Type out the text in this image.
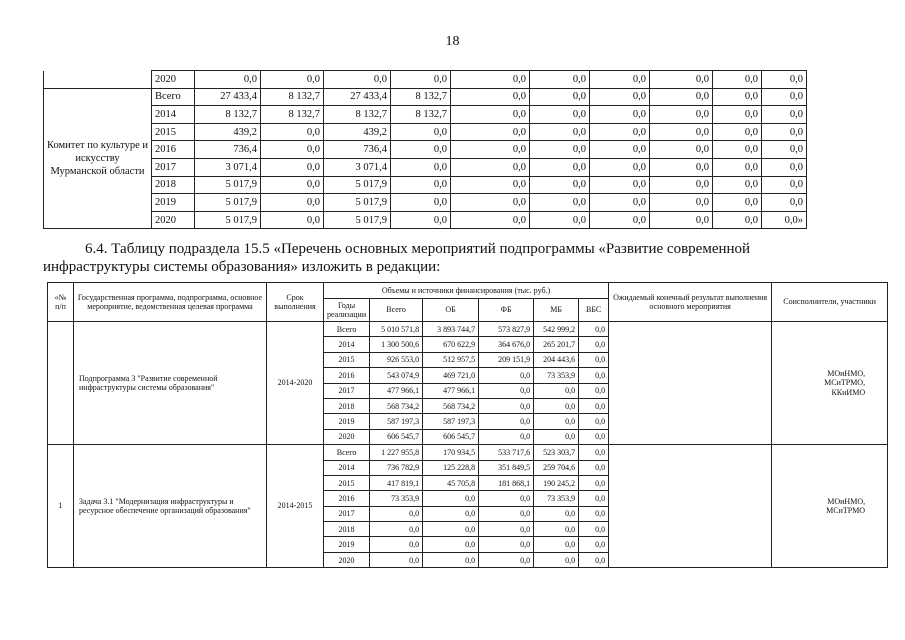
18
	2020	0,0	0,0	0,0	0,0	0,0	0,0	0,0	0,0	0,0	0,0
Комитет по культуре и искусству Мурманской области	Всего	27 433,4	8 132,7	27 433,4	8 132,7	0,0	0,0	0,0	0,0	0,0	0,0
	2014	8 132,7	8 132,7	8 132,7	8 132,7	0,0	0,0	0,0	0,0	0,0	0,0
	2015	439,2	0,0	439,2	0,0	0,0	0,0	0,0	0,0	0,0	0,0
	2016	736,4	0,0	736,4	0,0	0,0	0,0	0,0	0,0	0,0	0,0
	2017	3 071,4	0,0	3 071,4	0,0	0,0	0,0	0,0	0,0	0,0	0,0
	2018	5 017,9	0,0	5 017,9	0,0	0,0	0,0	0,0	0,0	0,0	0,0
	2019	5 017,9	0,0	5 017,9	0,0	0,0	0,0	0,0	0,0	0,0	0,0
	2020	5 017,9	0,0	5 017,9	0,0	0,0	0,0	0,0	0,0	0,0	0,0»
6.4. Таблицу подраздела 15.5 «Перечень основных мероприятий подпрограммы «Развитие современной
инфраструктуры системы образования» изложить в редакции:
«№ п/п	Государственная программа, подпрограмма, основное мероприятие, ведомственная целевая программа	Срок выполнения	Объемы и источники финансирования (тыс. руб.)						Ожидаемый конечный результат выполнения основного мероприятия	Соисполнители, участники
			Годы реализации	Всего	ОБ	ФБ	МБ	ВБС		
	Подпрограмма 3 "Развитие современной инфраструктуры системы образования"	2014-2020	Всего	5 010 571,8	3 893 744,7	573 827,9	542 999,2	0,0		МОиНМО,
МСиТРМО,
ККиИМО
			2014	1 300 500,6	670 622,9	364 676,0	265 201,7	0,0		
			2015	926 553,0	512 957,5	209 151,9	204 443,6	0,0		
			2016	543 074,9	469 721,0	0,0	73 353,9	0,0		
			2017	477 966,1	477 966,1	0,0	0,0	0,0		
			2018	568 734,2	568 734,2	0,0	0,0	0,0		
			2019	587 197,3	587 197,3	0,0	0,0	0,0		
			2020	606 545,7	606 545,7	0,0	0,0	0,0		
1	Задача 3.1 "Модернизация инфраструктуры и ресурсное обеспечение организаций образования"	2014-2015	Всего	1 227 955,8	170 934,5	533 717,6	523 303,7	0,0		МОиНМО,
МСиТРМО
			2014	736 782,9	125 228,8	351 849,5	259 704,6	0,0		
			2015	417 819,1	45 705,8	181 868,1	190 245,2	0,0		
			2016	73 353,9	0,0	0,0	73 353,9	0,0		
			2017	0,0	0,0	0,0	0,0	0,0		
			2018	0,0	0,0	0,0	0,0	0,0		
			2019	0,0	0,0	0,0	0,0	0,0		
			2020	0,0	0,0	0,0	0,0	0,0		
